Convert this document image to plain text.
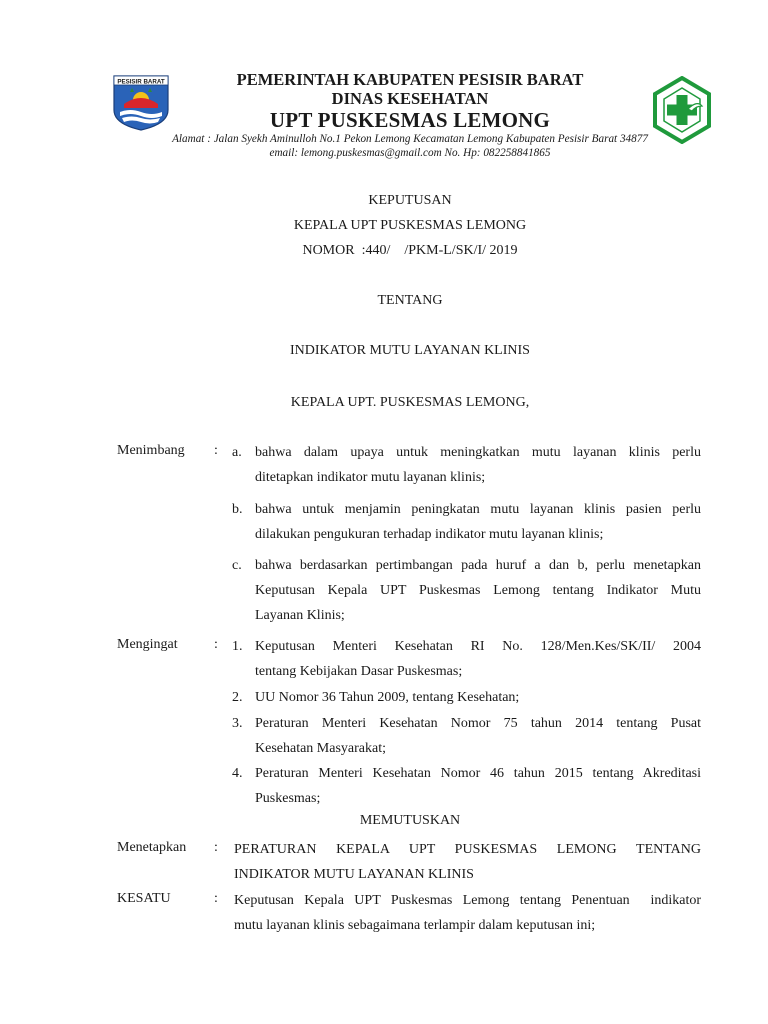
PESISIR BARAT	PEMERINTAH KABUPATEN PESISIR BARAT

DINAS KESEHATAN

UPT PUSKESMAS LEMONG

Alamat : Jalan Syekh Aminulloh No.1 Pekon Lemong Kecamatan Lemong Kabupaten Pesisir Barat 34877

email: lemong.puskesmas@gmail.com No. Hp: 082258841865

KEPUTUSAN

KEPALA UPT PUSKESMAS LEMONG

NOMOR  :440/    /PKM-L/SK/I/ 2019

TENTANG

INDIKATOR MUTU LAYANAN KLINIS

KEPALA UPT. PUSKESMAS LEMONG,

Menimbang : a. bahwa dalam upaya untuk meningkatkan mutu layanan klinis perlu
ditetapkan indikator mutu layanan klinis;
b. bahwa untuk menjamin peningkatan mutu layanan klinis pasien perlu
dilakukan pengukuran terhadap indikator mutu layanan klinis;
c. bahwa berdasarkan pertimbangan pada huruf a dan b, perlu menetapkan
Keputusan Kepala UPT Puskesmas Lemong tentang Indikator Mutu
Layanan Klinis;
Mengingat	: 1. Keputusan Menteri Kesehatan RI No. 128/Men.Kes/SK/II/ 2004
tentang Kebijakan Dasar Puskesmas;
2. UU Nomor 36 Tahun 2009, tentang Kesehatan;
3. Peraturan Menteri Kesehatan Nomor 75 tahun 2014 tentang Pusat
Kesehatan Masyarakat;
4. Peraturan Menteri Kesehatan Nomor 46 tahun 2015 tentang Akreditasi
Puskesmas;
MEMUTUSKAN
Menetapkan : PERATURAN KEPALA UPT PUSKESMAS LEMONG TENTANG
INDIKATOR MUTU LAYANAN KLINIS
KESATU	: Keputusan Kepala UPT Puskesmas Lemong tentang Penentuan  indikator
mutu layanan klinis sebagaimana terlampir dalam keputusan ini;
